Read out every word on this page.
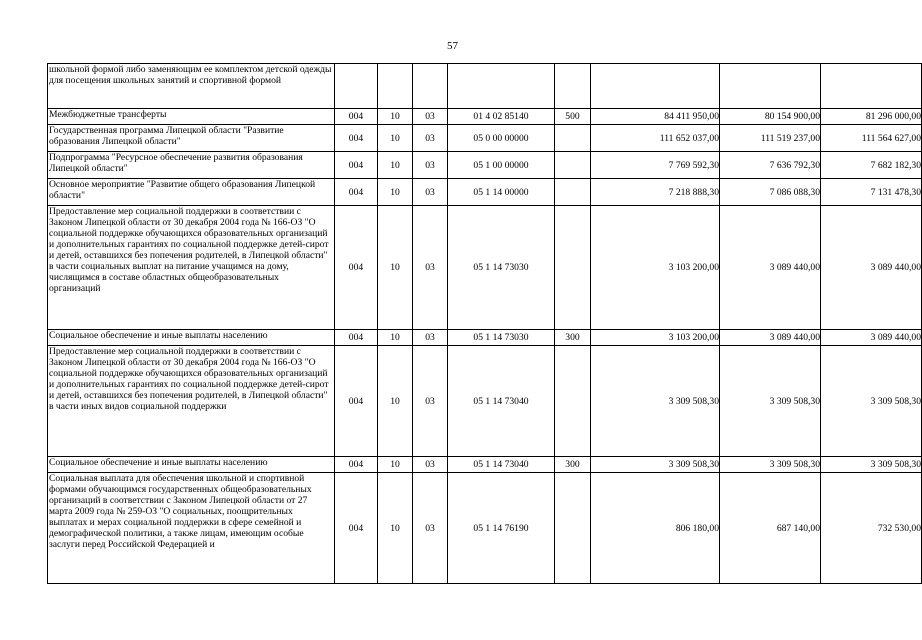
57
школьной формой либо заменяющим ее комплектом детской одежды для посещения школьных занятий и спортивной формой								
Межбюджетные трансферты	004	10	03	01 4 02 85140	500	84 411 950,00	80 154 900,00	81 296 000,00
Государственная программа Липецкой области "Развитие образования Липецкой области"	004	10	03	05 0 00 00000		111 652 037,00	111 519 237,00	111 564 627,00
Подпрограмма "Ресурсное обеспечение развития образования Липецкой области"	004	10	03	05 1 00 00000		7 769 592,30	7 636 792,30	7 682 182,30
Основное мероприятие "Развитие общего образования Липецкой области"	004	10	03	05 1 14 00000		7 218 888,30	7 086 088,30	7 131 478,30
Предоставление мер социальной поддержки в соответствии с Законом Липецкой области от 30 декабря 2004 года № 166-ОЗ "О социальной поддержке обучающихся образовательных организаций и дополнительных гарантиях по социальной поддержке детей-сирот и детей, оставшихся без попечения родителей, в Липецкой области" в части социальных выплат на питание учащимся на дому, числящимся в составе областных общеобразовательных организаций	004	10	03	05 1 14 73030		3 103 200,00	3 089 440,00	3 089 440,00
Социальное обеспечение и иные выплаты населению	004	10	03	05 1 14 73030	300	3 103 200,00	3 089 440,00	3 089 440,00
Предоставление мер социальной поддержки в соответствии с Законом Липецкой области от 30 декабря 2004 года № 166-ОЗ "О социальной поддержке обучающихся образовательных организаций и дополнительных гарантиях по социальной поддержке детей-сирот и детей, оставшихся без попечения родителей, в Липецкой области" в части иных видов социальной поддержки	004	10	03	05 1 14 73040		3 309 508,30	3 309 508,30	3 309 508,30
Социальное обеспечение и иные выплаты населению	004	10	03	05 1 14 73040	300	3 309 508,30	3 309 508,30	3 309 508,30
Социальная выплата для обеспечения школьной и спортивной формами обучающимся государственных общеобразовательных организаций в соответствии с Законом Липецкой области от 27 марта 2009 года № 259-ОЗ "О социальных, поощрительных выплатах и мерах социальной поддержки в сфере семейной и демографической политики, а также лицам, имеющим особые заслуги перед Российской Федерацией и	004	10	03	05 1 14 76190		806 180,00	687 140,00	732 530,00
